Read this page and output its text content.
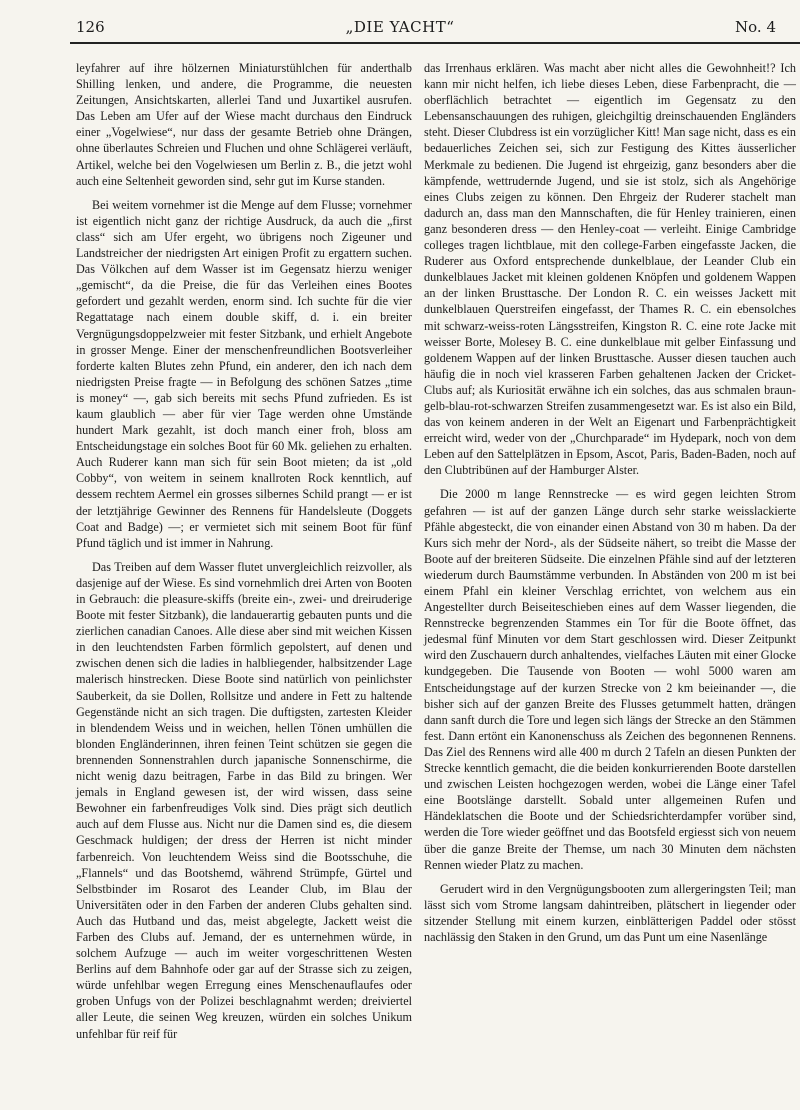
126	„DIE YACHT“	No. 4

leyfahrer auf ihre hölzernen Miniaturstühlchen für anderthalb Shilling lenken, und andere, die Programme, die neuesten Zeitungen, Ansichtskarten, allerlei Tand und Juxartikel ausrufen. Das Leben am Ufer auf der Wiese macht durchaus den Eindruck einer „Vogelwiese“, nur dass der gesamte Betrieb ohne Drängen, ohne überlautes Schreien und Fluchen und ohne Schlägerei verläuft, Artikel, welche bei den Vogelwiesen um Berlin z. B., die jetzt wohl auch eine Seltenheit geworden sind, sehr gut im Kurse standen.

Bei weitem vornehmer ist die Menge auf dem Flusse; vornehmer ist eigentlich nicht ganz der richtige Ausdruck, da auch die „first class“ sich am Ufer ergeht, wo übrigens noch Zigeuner und Landstreicher der niedrigsten Art einigen Profit zu ergattern suchen. Das Völkchen auf dem Wasser ist im Gegensatz hierzu weniger „gemischt“, da die Preise, die für das Verleihen eines Bootes gefordert und gezahlt werden, enorm sind. Ich suchte für die vier Regattatage nach einem double skiff, d. i. ein breiter Vergnügungsdoppelzweier mit fester Sitzbank, und erhielt Angebote in grosser Menge. Einer der menschenfreundlichen Bootsverleiher forderte kalten Blutes zehn Pfund, ein anderer, den ich nach dem niedrigsten Preise fragte — in Befolgung des schönen Satzes „time is money“ —, gab sich bereits mit sechs Pfund zufrieden. Es ist kaum glaublich — aber für vier Tage werden ohne Umstände hundert Mark gezahlt, ist doch manch einer froh, bloss am Entscheidungstage ein solches Boot für 60 Mk. geliehen zu erhalten. Auch Ruderer kann man sich für sein Boot mieten; da ist „old Cobby“, von weitem in seinem knallroten Rock kenntlich, auf dessem rechtem Aermel ein grosses silbernes Schild prangt — er ist der letztjährige Gewinner des Rennens für Handelsleute (Doggets Coat and Badge) —; er vermietet sich mit seinem Boot für fünf Pfund täglich und ist immer in Nahrung.

Das Treiben auf dem Wasser flutet unvergleichlich reizvoller, als dasjenige auf der Wiese. Es sind vornehmlich drei Arten von Booten in Gebrauch: die pleasure-skiffs (breite ein-, zwei- und dreiruderige Boote mit fester Sitzbank), die landauerartig gebauten punts und die zierlichen canadian Canoes. Alle diese aber sind mit weichen Kissen in den leuchtendsten Farben förmlich gepolstert, auf denen und zwischen denen sich die ladies in halbliegender, halbsitzender Lage malerisch hinstrecken. Diese Boote sind natürlich von peinlichster Sauberkeit, da sie Dollen, Rollsitze und andere in Fett zu haltende Gegenstände nicht an sich tragen. Die duftigsten, zartesten Kleider in blendendem Weiss und in weichen, hellen Tönen umhüllen die blonden Engländerinnen, ihren feinen Teint schützen sie gegen die brennenden Sonnenstrahlen durch japanische Sonnenschirme, die nicht wenig dazu beitragen, Farbe in das Bild zu bringen. Wer jemals in England gewesen ist, der wird wissen, dass seine Bewohner ein farbenfreudiges Volk sind. Dies prägt sich deutlich auch auf dem Flusse aus. Nicht nur die Damen sind es, die diesem Geschmack huldigen; der dress der Herren ist nicht minder farbenreich. Von leuchtendem Weiss sind die Bootsschuhe, die „Flannels“ und das Bootshemd, während Strümpfe, Gürtel und Selbstbinder im Rosarot des Leander Club, im Blau der Universitäten oder in den Farben der anderen Clubs gehalten sind. Auch das Hutband und das, meist abgelegte, Jackett weist die Farben des Clubs auf. Jemand, der es unternehmen würde, in solchem Aufzuge — auch im weiter vorgeschrittenen Westen Berlins auf dem Bahnhofe oder gar auf der Strasse sich zu zeigen, würde unfehlbar wegen Erregung eines Menschenauflaufes oder groben Unfugs von der Polizei beschlagnahmt werden; dreiviertel aller Leute, die seinen Weg kreuzen, würden ein solches Unikum unfehlbar für reif für

das Irrenhaus erklären. Was macht aber nicht alles die Gewohnheit!? Ich kann mir nicht helfen, ich liebe dieses Leben, diese Farbenpracht, die — oberflächlich betrachtet — eigentlich im Gegensatz zu den Lebensanschauungen des ruhigen, gleichgiltig dreinschauenden Engländers steht. Dieser Clubdress ist ein vorzüglicher Kitt! Man sage nicht, dass es ein bedauerliches Zeichen sei, sich zur Festigung des Kittes äusserlicher Merkmale zu bedienen. Die Jugend ist ehrgeizig, ganz besonders aber die kämpfende, wettrudernde Jugend, und sie ist stolz, sich als Angehörige eines Clubs zeigen zu können. Den Ehrgeiz der Ruderer stachelt man dadurch an, dass man den Mannschaften, die für Henley trainieren, einen ganz besonderen dress — den Henley-coat — verleiht. Einige Cambridge colleges tragen lichtblaue, mit den college-Farben eingefasste Jacken, die Ruderer aus Oxford entsprechende dunkelblaue, der Leander Club ein dunkelblaues Jacket mit kleinen goldenen Knöpfen und goldenem Wappen an der linken Brusttasche. Der London R. C. ein weisses Jackett mit dunkelblauen Querstreifen eingefasst, der Thames R. C. ein ebensolches mit schwarz-weiss-roten Längsstreifen, Kingston R. C. eine rote Jacke mit weisser Borte, Molesey B. C. eine dunkelblaue mit gelber Einfassung und goldenem Wappen auf der linken Brusttasche. Ausser diesen tauchen auch häufig die in noch viel krasseren Farben gehaltenen Jacken der Cricket-Clubs auf; als Kuriosität erwähne ich ein solches, das aus schmalen braun-gelb-blau-rot-schwarzen Streifen zusammengesetzt war. Es ist also ein Bild, das von keinem anderen in der Welt an Eigenart und Farbenprächtigkeit erreicht wird, weder von der „Churchparade“ im Hydepark, noch von dem Leben auf den Sattelplätzen in Epsom, Ascot, Paris, Baden-Baden, noch auf den Clubtribünen auf der Hamburger Alster.

Die 2000 m lange Rennstrecke — es wird gegen leichten Strom gefahren — ist auf der ganzen Länge durch sehr starke weisslackierte Pfähle abgesteckt, die von einander einen Abstand von 30 m haben. Da der Kurs sich mehr der Nord-, als der Südseite nähert, so treibt die Masse der Boote auf der breiteren Südseite. Die einzelnen Pfähle sind auf der letzteren wiederum durch Baumstämme verbunden. In Abständen von 200 m ist bei einem Pfahl ein kleiner Verschlag errichtet, von welchem aus ein Angestellter durch Beiseiteschieben eines auf dem Wasser liegenden, die Rennstrecke begrenzenden Stammes ein Tor für die Boote öffnet, das jedesmal fünf Minuten vor dem Start geschlossen wird. Dieser Zeitpunkt wird den Zuschauern durch anhaltendes, vielfaches Läuten mit einer Glocke kundgegeben. Die Tausende von Booten — wohl 5000 waren am Entscheidungstage auf der kurzen Strecke von 2 km beieinander —, die bisher sich auf der ganzen Breite des Flusses getummelt hatten, drängen dann sanft durch die Tore und legen sich längs der Strecke an den Stämmen fest. Dann ertönt ein Kanonenschuss als Zeichen des begonnenen Rennens. Das Ziel des Rennens wird alle 400 m durch 2 Tafeln an diesen Punkten der Strecke kenntlich gemacht, die die beiden konkurrierenden Boote darstellen und zwischen Leisten hochgezogen werden, wobei die Länge einer Tafel eine Bootslänge darstellt. Sobald unter allgemeinen Rufen und Händeklatschen die Boote und der Schiedsrichterdampfer vorüber sind, werden die Tore wieder geöffnet und das Bootsfeld ergiesst sich von neuem über die ganze Breite der Themse, um nach 30 Minuten dem nächsten Rennen wieder Platz zu machen.

Gerudert wird in den Vergnügungsbooten zum allergeringsten Teil; man lässt sich vom Strome langsam dahintreiben, plätschert in liegender oder sitzender Stellung mit einem kurzen, einblätterigen Paddel oder stösst nachlässig den Staken in den Grund, um das Punt um eine Nasenlänge
